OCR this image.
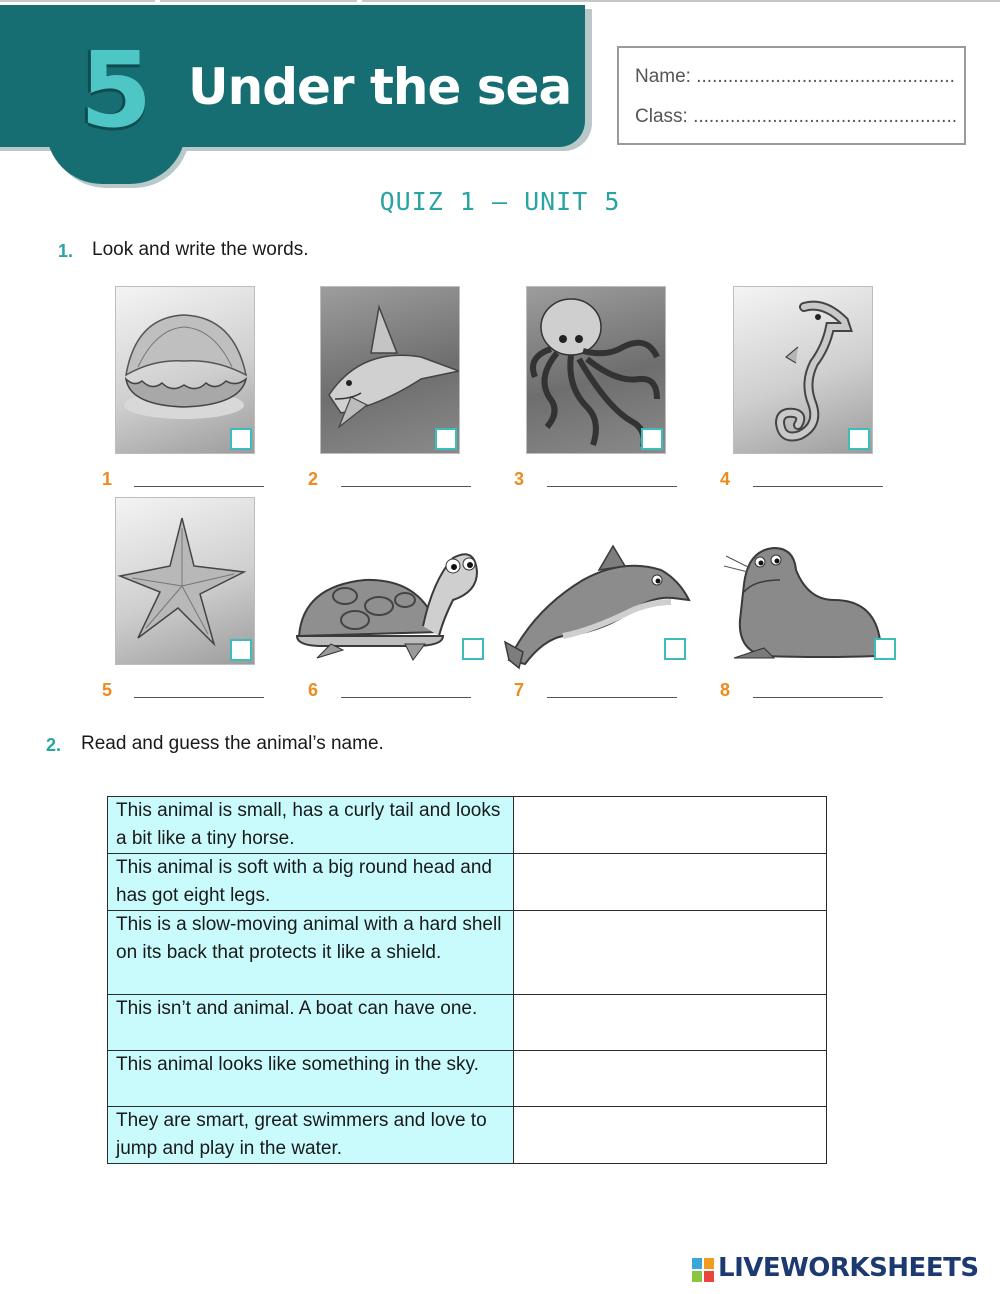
5 Under the sea	Name: .................................................
Class: ..................................................
QUIZ 1 – UNIT 5
1. Look and write the words.
1	2	3	4
5	6	7	8
2. Read and guess the animal’s name.
This animal is small, has a curly tail and looks a bit like a tiny horse.	
This animal is soft with a big round head and has got eight legs.	
This is a slow-moving animal with a hard shell on its back that protects it like a shield.	
This isn’t and animal. A boat can have one.	
This animal looks like something in the sky.	
They are smart, great swimmers and love to jump and play in the water.	
LIVEWORKSHEETS
